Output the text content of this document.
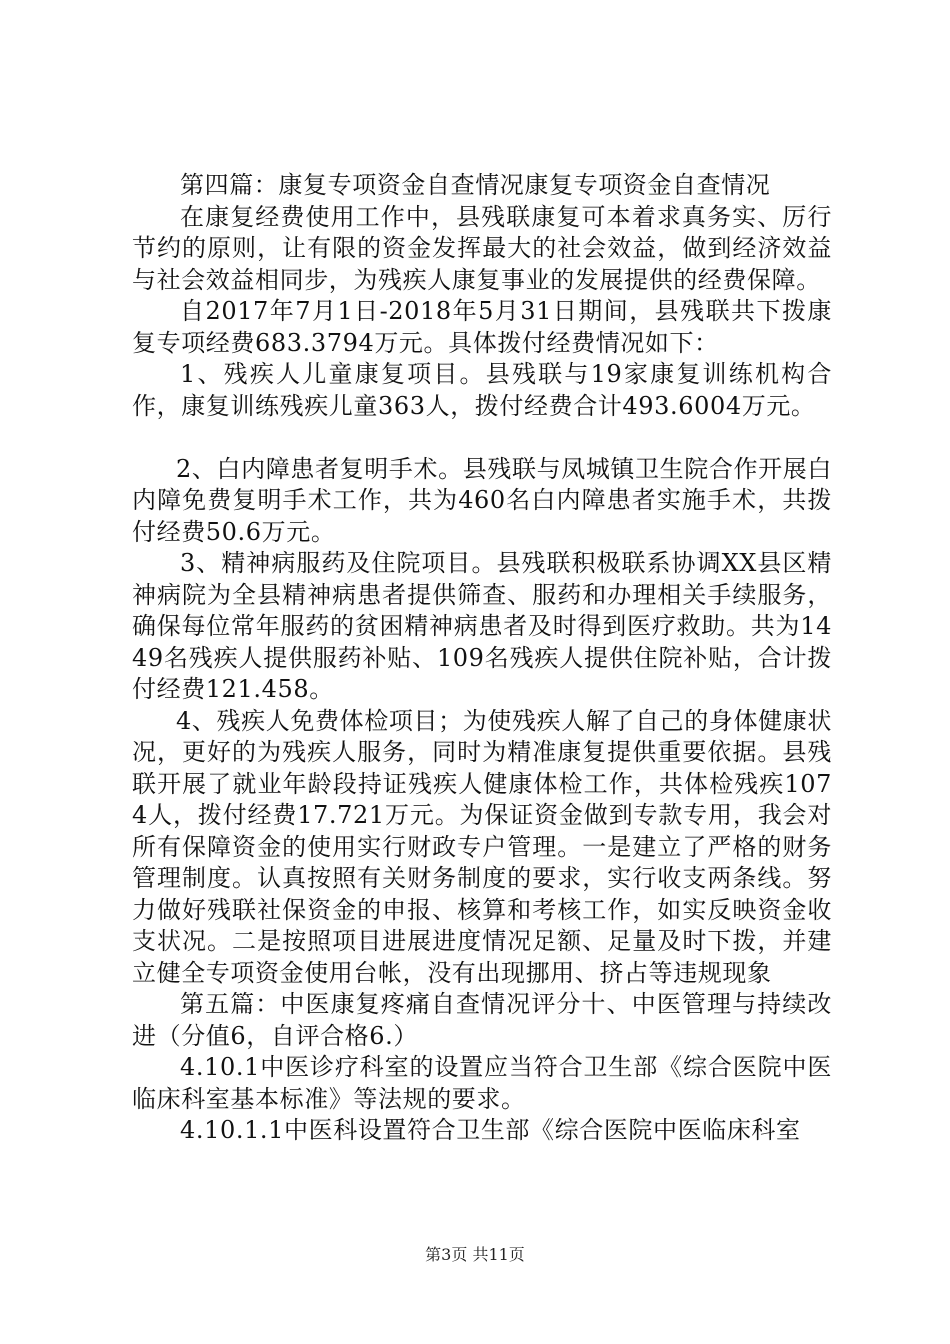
第四篇：康复专项资金自查情况康复专项资金自查情况

在康复经费使用工作中，县残联康复可本着求真务实、厉行节约的原则，让有限的资金发挥最大的社会效益，做到经济效益与社会效益相同步，为残疾人康复事业的发展提供的经费保障。

自2017年7月1日-2018年5月31日期间，县残联共下拨康复专项经费683.3794万元。具体拨付经费情况如下：

1、残疾人儿童康复项目。县残联与19家康复训练机构合作，康复训练残疾儿童363人，拨付经费合计493.6004万元。

2、白内障患者复明手术。县残联与凤城镇卫生院合作开展白内障免费复明手术工作，共为460名白内障患者实施手术，共拨付经费50.6万元。

3、精神病服药及住院项目。县残联积极联系协调XX县区精神病院为全县精神病患者提供筛查、服药和办理相关手续服务，确保每位常年服药的贫困精神病患者及时得到医疗救助。共为1449名残疾人提供服药补贴、109名残疾人提供住院补贴，合计拨付经费121.458。

4、残疾人免费体检项目；为使残疾人解了自己的身体健康状况，更好的为残疾人服务，同时为精准康复提供重要依据。县残联开展了就业年龄段持证残疾人健康体检工作，共体检残疾1074人，拨付经费17.721万元。为保证资金做到专款专用，我会对所有保障资金的使用实行财政专户管理。一是建立了严格的财务管理制度。认真按照有关财务制度的要求，实行收支两条线。努力做好残联社保资金的申报、核算和考核工作，如实反映资金收支状况。二是按照项目进展进度情况足额、足量及时下拨，并建立健全专项资金使用台帐，没有出现挪用、挤占等违规现象

第五篇：中医康复疼痛自查情况评分十、中医管理与持续改进（分值6，自评合格6.）

4.10.1中医诊疗科室的设置应当符合卫生部《综合医院中医临床科室基本标准》等法规的要求。

4.10.1.1中医科设置符合卫生部《综合医院中医临床科室

第3页 共11页
